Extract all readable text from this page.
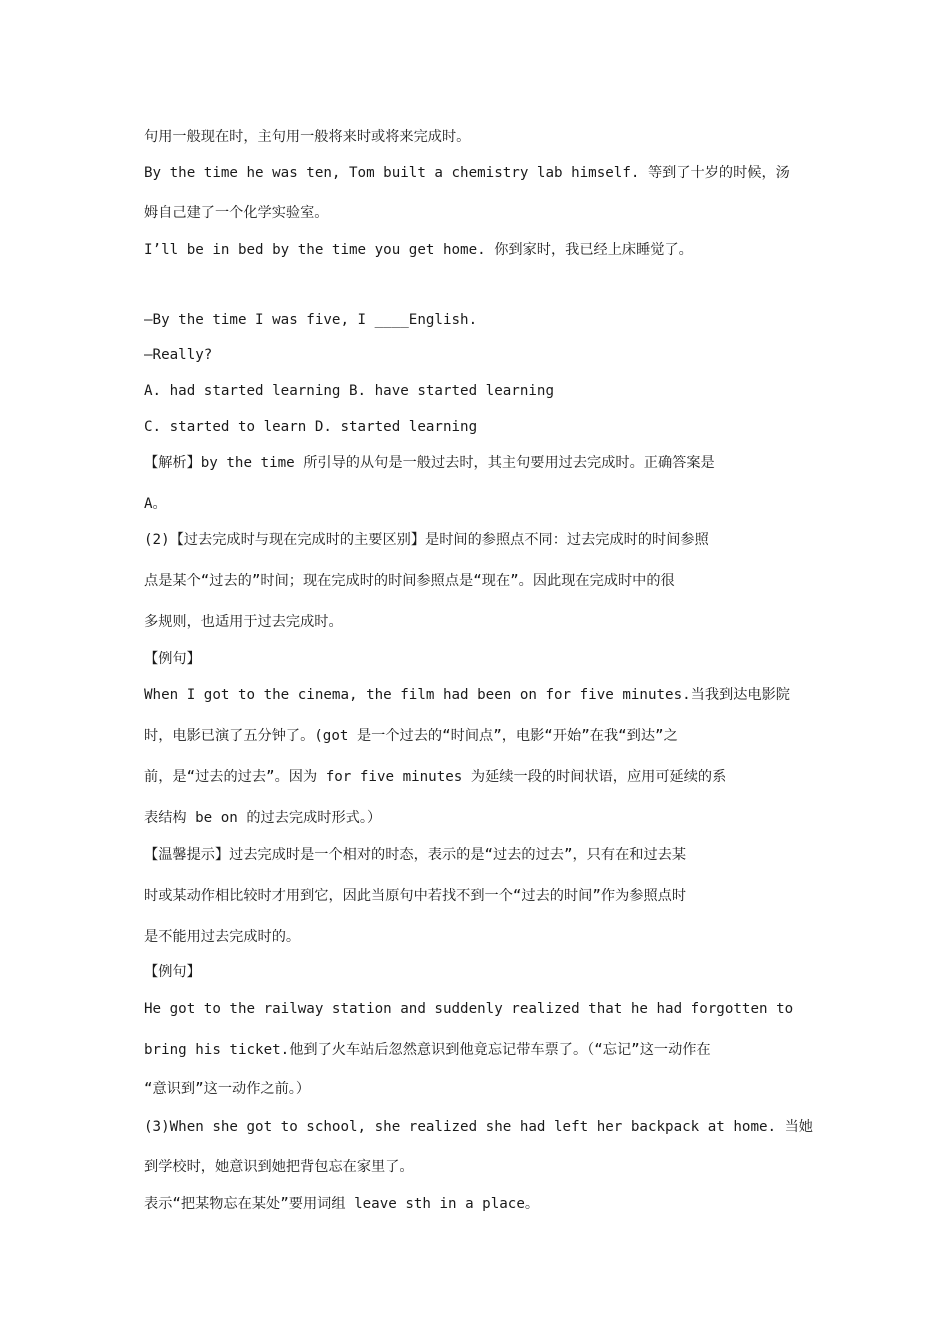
句用一般现在时，主句用一般将来时或将来完成时。
By the time he was ten, Tom built a chemistry lab himself. 等到了十岁的时候，汤
姆自己建了一个化学实验室。
I’ll be in bed by the time you get home. 你到家时，我已经上床睡觉了。
—By the time I was five, I ____English.
—Really?
A. had started learning B. have started learning
C. started to learn D. started learning
【解析】by the time 所引导的从句是一般过去时，其主句要用过去完成时。正确答案是
A。
(2)【过去完成时与现在完成时的主要区别】是时间的参照点不同：过去完成时的时间参照
点是某个“过去的”时间；现在完成时的时间参照点是“现在”。因此现在完成时中的很
多规则，也适用于过去完成时。
【例句】
When I got to the cinema, the film had been on for five minutes.当我到达电影院
时，电影已演了五分钟了。(got 是一个过去的“时间点”，电影“开始”在我“到达”之
前，是“过去的过去”。因为 for five minutes 为延续一段的时间状语，应用可延续的系
表结构 be on 的过去完成时形式。）
【温馨提示】过去完成时是一个相对的时态，表示的是“过去的过去”，只有在和过去某
时或某动作相比较时才用到它，因此当原句中若找不到一个“过去的时间”作为参照点时
是不能用过去完成时的。
【例句】
He got to the railway station and suddenly realized that he had forgotten to
bring his ticket.他到了火车站后忽然意识到他竟忘记带车票了。（“忘记”这一动作在
“意识到”这一动作之前。）
(3)When she got to school, she realized she had left her backpack at home. 当她
到学校时，她意识到她把背包忘在家里了。
表示“把某物忘在某处”要用词组 leave sth in a place。
